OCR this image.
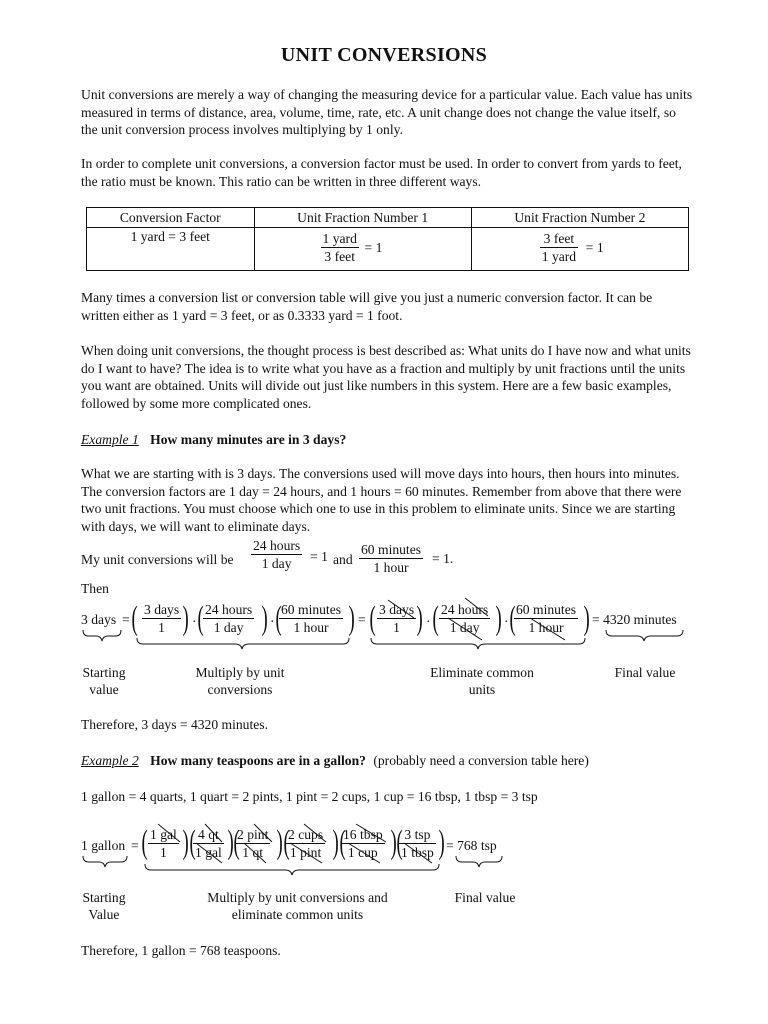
UNIT CONVERSIONS

Unit conversions are merely a way of changing the measuring device for a particular value. Each value has units measured in terms of distance, area, volume, time, rate, etc. A unit change does not change the value itself, so the unit conversion process involves multiplying by 1 only.

In order to complete unit conversions, a conversion factor must be used. In order to convert from yards to feet, the ratio must be known. This ratio can be written in three different ways.

Conversion Factor	Unit Fraction Number 1	Unit Fraction Number 2
1 yard = 3 feet	1 yard
3 feet
= 1	3 feet
1 yard
= 1

Many times a conversion list or conversion table will give you just a numeric conversion factor. It can be written either as 1 yard = 3 feet, or as 0.3333 yard = 1 foot.

When doing unit conversions, the thought process is best described as: What units do I have now and what units do I want to have? The idea is to write what you have as a fraction and multiply by unit fractions until the units you want are obtained. Units will divide out just like numbers in this system. Here are a few basic examples, followed by some more complicated ones.

Example 1 How many minutes are in 3 days?

What we are starting with is 3 days. The conversions used will move days into hours, then hours into minutes. The conversion factors are 1 day = 24 hours, and 1 hours = 60 minutes. Remember from above that there were two unit fractions. You must choose which one to use in this problem to eliminate units. Since we are starting with days, we will want to eliminate days.

My unit conversions will be
24 hours
1 day	= 1 and
60 minutes
1 hour
= 1.
Then
3 days = ( 3 days
1 ) · ( 24 hours
1 day ) · ( 60 minutes
1 hour ) = ( 3 days
1 ) · ( 24 hours
1 day ) · ( 60 minutes
1 hour ) = 4320 minutes
Starting value
Multiply by unit conversions
Eliminate common units
Final value

Therefore, 3 days = 4320 minutes.

Example 2 How many teaspoons are in a gallon? (probably need a conversion table here)

1 gallon = 4 quarts, 1 quart = 2 pints, 1 pint = 2 cups, 1 cup = 16 tbsp, 1 tbsp = 3 tsp

1 gallon = ( 1 gal
1 ) ( 4 qt
1 gal ) (
2 pint
1 qt ) (
2 cups
1 pint ) (
16 tbsp
1 cup ) ( 3 tsp
1 tbsp ) = 768 tsp
Starting Value
Multiply by unit conversions and eliminate common units
Final value

Therefore, 1 gallon = 768 teaspoons.
